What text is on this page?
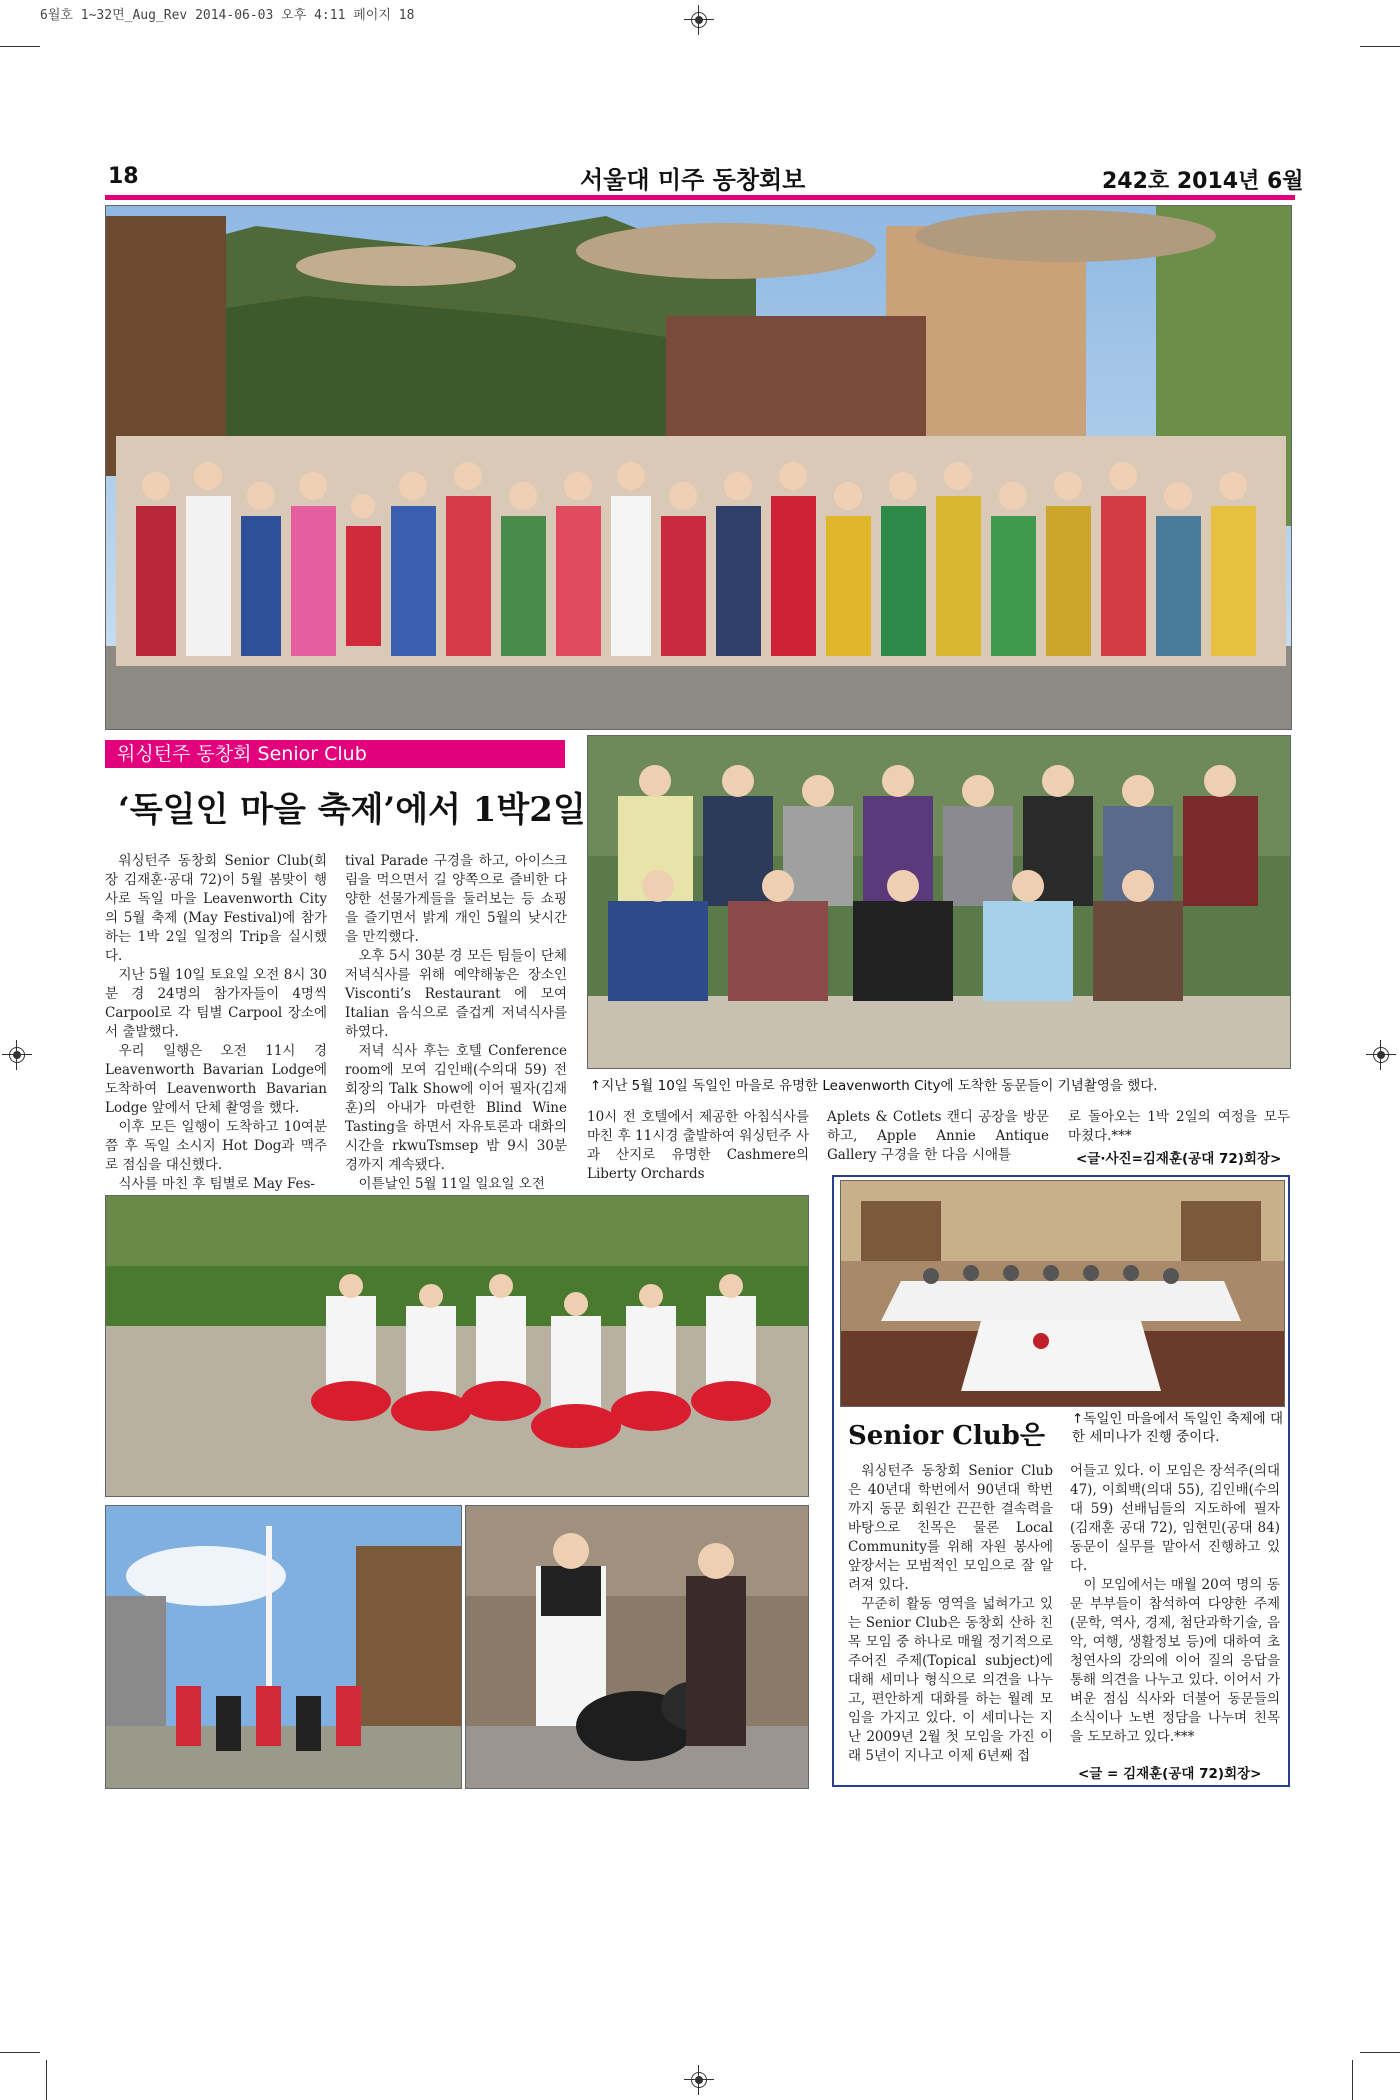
6월호 1~32면_Aug_Rev 2014-06-03 오후 4:11 페이지 18
18	서울대 미주 동창회보	242호 2014년 6월
워싱턴주 동창회 Senior Club
‘독일인 마을 축제’에서 1박2일

워싱턴주 동창회 Senior Club(회장 김재훈·공대 72)이 5월 봄맞이 행사로 독일 마을 Leavenworth City의 5월 축제 (May Festival)에 참가하는 1박 2일 일정의 Trip을 실시했다.

지난 5월 10일 토요일 오전 8시 30분 경 24명의 참가자들이 4명씩 Carpool로 각 팀별 Carpool 장소에서 출발했다.

우리 일행은 오전 11시 경 Leavenworth Bavarian Lodge에 도착하여 Leavenworth Bavarian Lodge 앞에서 단체 촬영을 했다.

이후 모든 일행이 도착하고 10여분 쯤 후 독일 소시지 Hot Dog과 맥주로 점심을 대신했다.

식사를 마친 후 팀별로 May Fes-

tival Parade 구경을 하고, 아이스크림을 먹으면서 길 양쪽으로 즐비한 다양한 선물가게들을 둘러보는 등 쇼핑을 즐기면서 밝게 개인 5월의 낮시간을 만끽했다.

오후 5시 30분 경 모든 팀들이 단체 저녁식사를 위해 예약해놓은 장소인 Visconti’s Restaurant 에 모여 Italian 음식으로 즐겁게 저녁식사를 하였다.

저녁 식사 후는 호텔 Conference room에 모여 김인배(수의대 59) 전 회장의 Talk Show에 이어 필자(김재훈)의 아내가 마련한 Blind Wine Tasting을 하면서 자유토론과 대화의 시간을 rkwuTsmsep 밤 9시 30분 경까지 계속됐다.

이튿날인 5월 11일 일요일 오전

↑지난 5월 10일 독일인 마을로 유명한 Leavenworth City에 도착한 동문들이 기념촬영을 했다.

10시 전 호텔에서 제공한 아침식사를 마친 후 11시경 출발하여 워싱턴주 사과 산지로 유명한 Cashmere의 Liberty Orchards

Aplets & Cotlets 캔디 공장을 방문하고, Apple Annie Antique Gallery 구경을 한 다음 시애틀

로 돌아오는 1박 2일의 여정을 모두 마쳤다.***

<글·사진=김재훈(공대 72)회장>
Senior Club은
↑독일인 마을에서 독일인 축제에 대한 세미나가 진행 중이다.

워싱턴주 동창회 Senior Club은 40년대 학번에서 90년대 학번까지 동문 회원간 끈끈한 결속력을 바탕으로 친목은 물론 Local Community를 위해 자원 봉사에 앞장서는 모범적인 모임으로 잘 알려져 있다.

꾸준히 활동 영역을 넓혀가고 있는 Senior Club은 동창회 산하 친목 모임 중 하나로 매월 정기적으로 주어진 주제(Topical subject)에 대해 세미나 형식으로 의견을 나누고, 편안하게 대화를 하는 월례 모임을 가지고 있다. 이 세미나는 지난 2009년 2월 첫 모임을 가진 이래 5년이 지나고 이제 6년째 접

어들고 있다. 이 모임은 장석주(의대 47), 이희백(의대 55), 김인배(수의대 59) 선배님들의 지도하에 필자(김재훈 공대 72), 임현민(공대 84) 동문이 실무를 맡아서 진행하고 있다.

이 모임에서는 매월 20여 명의 동문 부부들이 참석하여 다양한 주제(문학, 역사, 경제, 첨단과학기술, 음악, 여행, 생활정보 등)에 대하여 초청연사의 강의에 이어 질의 응답을 통해 의견을 나누고 있다. 이어서 가벼운 점심 식사와 더불어 동문들의 소식이나 노변 정담을 나누며 친목을 도모하고 있다.***

<글 = 김재훈(공대 72)회장>
